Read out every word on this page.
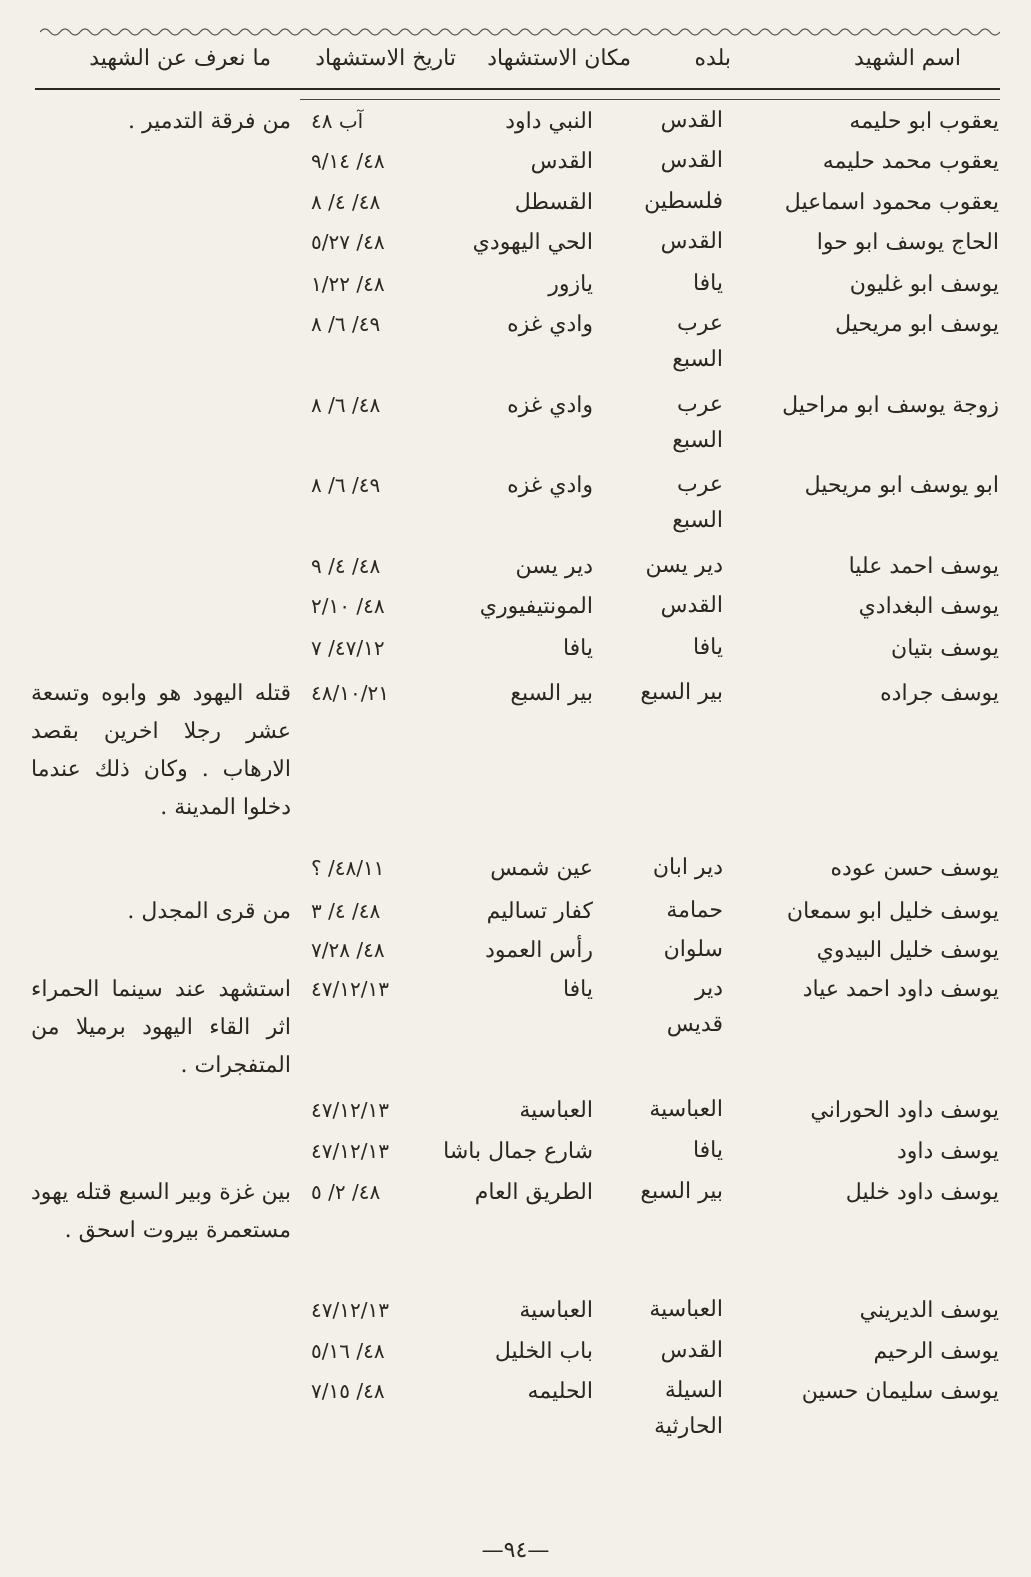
اسم الشهيد
بلده
مكان الاستشهاد
تاريخ الاستشهاد
ما نعرف عن الشهيد
يعقوب ابو حليمه
القدس
النبي داود
آب ٤٨
من فرقة التدمير .
يعقوب محمد حليمه
القدس
القدس
٤٨/ ٩/١٤
يعقوب محمود اسماعيل
فلسطين
القسطل
٤٨/ ٤/ ٨
الحاج يوسف ابو حوا
القدس
الحي اليهودي
٤٨/ ٥/٢٧
يوسف ابو غليون
يافا
يازور
٤٨/ ١/٢٢
يوسف ابو مريحيل
عرب السبع
وادي غزه
٤٩/ ٦/ ٨
زوجة يوسف ابو مراحيل
عرب السبع
وادي غزه
٤٨/ ٦/ ٨
ابو يوسف ابو مريحيل
عرب السبع
وادي غزه
٤٩/ ٦/ ٨
يوسف احمد عليا
دير يسن
دير يسن
٤٨/ ٤/ ٩
يوسف البغدادي
القدس
المونتيفيوري
٤٨/ ٢/١٠
يوسف بتيان
يافا
يافا
٤٧/١٢/ ٧
يوسف جراده
بير السبع
بير السبع
٤٨/١٠/٢١
قتله اليهود هو وابوه وتسعة عشر رجلا اخرين بقصد الارهاب . وكان ذلك عندما دخلوا المدينة .
يوسف حسن عوده
دير ابان
عين شمس
٤٨/١١/ ؟
يوسف خليل ابو سمعان
حمامة
كفار تساليم
٤٨/ ٤/ ٣
من قرى المجدل .
يوسف خليل البيدوي
سلوان
رأس العمود
٤٨/ ٧/٢٨
يوسف داود احمد عياد
دير قديس
يافا
٤٧/١٢/١٣
استشهد عند سينما الحمراء اثر القاء اليهود برميلا من المتفجرات .
يوسف داود الحوراني
العباسية
العباسية
٤٧/١٢/١٣
يوسف داود
يافا
شارع جمال باشا
٤٧/١٢/١٣
يوسف داود خليل
بير السبع
الطريق العام
٤٨/ ٢/ ٥
بين غزة وبير السبع قتله يهود مستعمرة بيروت اسحق .
يوسف الديريني
العباسية
العباسية
٤٧/١٢/١٣
يوسف الرحيم
القدس
باب الخليل
٤٨/ ٥/١٦
يوسف سليمان حسين
السيلة الحارثية
الحليمه
٤٨/ ٧/١٥
—٩٤—
